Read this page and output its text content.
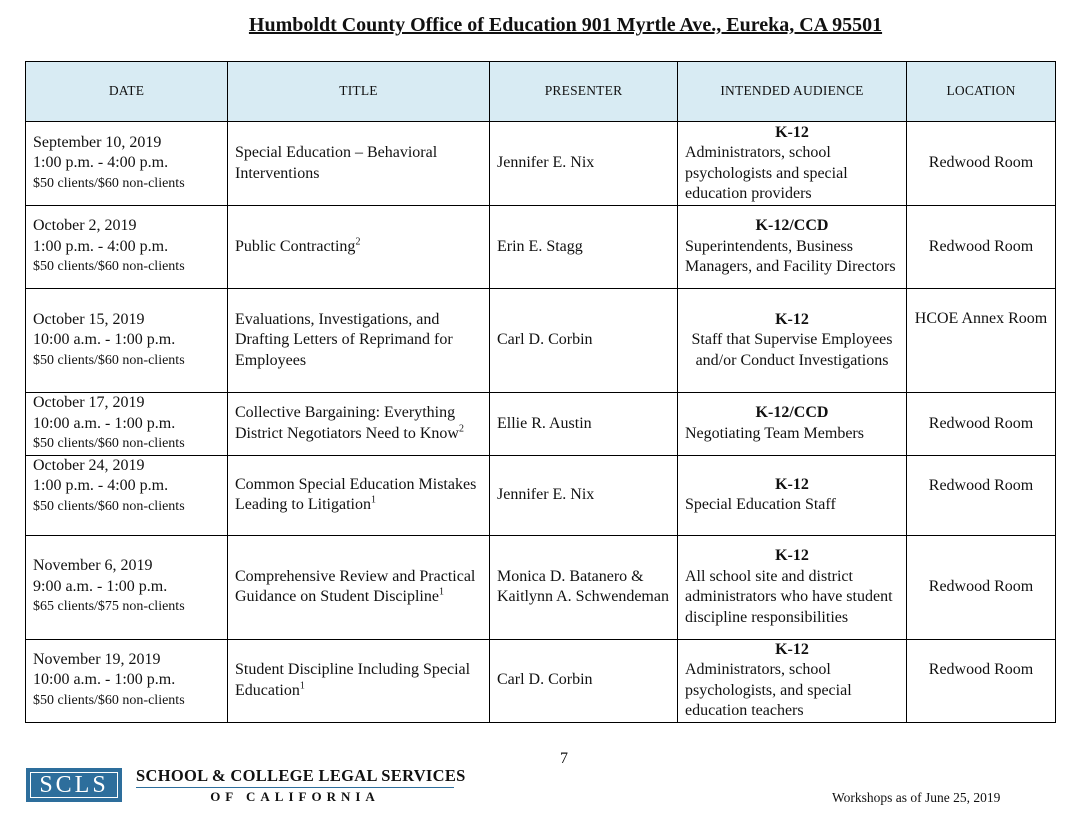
Humboldt County Office of Education 901 Myrtle Ave., Eureka, CA 95501
DATE	TITLE	PRESENTER	INTENDED AUDIENCE	LOCATION

September 10, 2019
1:00 p.m. - 4:00 p.m.
$50 clients/$60 non-clients	Special Education – Behavioral Interventions	Jennifer E. Nix	K-12
Administrators, school psychologists and special education providers	Redwood Room

October 2, 2019
1:00 p.m. - 4:00 p.m.
$50 clients/$60 non-clients	Public Contracting$^2$	Erin E. Stagg	K-12/CCD
Superintendents, Business Managers, and Facility Directors	Redwood Room

October 15, 2019
10:00 a.m. - 1:00 p.m.
$50 clients/$60 non-clients	Evaluations, Investigations, and Drafting Letters of Reprimand for Employees	Carl D. Corbin	K-12
Staff that Supervise Employees and/or Conduct Investigations	HCOE Annex Room

October 17, 2019
10:00 a.m. - 1:00 p.m.
$50 clients/$60 non-clients	Collective Bargaining: Everything District Negotiators Need to Know$^2$	Ellie R. Austin	K-12/CCD
Negotiating Team Members	Redwood Room

October 24, 2019
1:00 p.m. - 4:00 p.m.
$50 clients/$60 non-clients	Common Special Education Mistakes Leading to Litigation$^1$	Jennifer E. Nix	K-12
Special Education Staff	Redwood Room

November 6, 2019
9:00 a.m. - 1:00 p.m.
$65 clients/$75 non-clients	Comprehensive Review and Practical Guidance on Student Discipline$^1$	Monica D. Batanero & Kaitlynn A. Schwendeman	K-12
All school site and district administrators who have student discipline responsibilities	Redwood Room

November 19, 2019
10:00 a.m. - 1:00 p.m.
$50 clients/$60 non-clients	Student Discipline Including Special Education$^1$	Carl D. Corbin	K-12
Administrators, school psychologists, and special education teachers	Redwood Room
7
SCLS	SCHOOL & COLLEGE LEGAL SERVICES
OF CALIFORNIA	Workshops as of June 25, 2019
